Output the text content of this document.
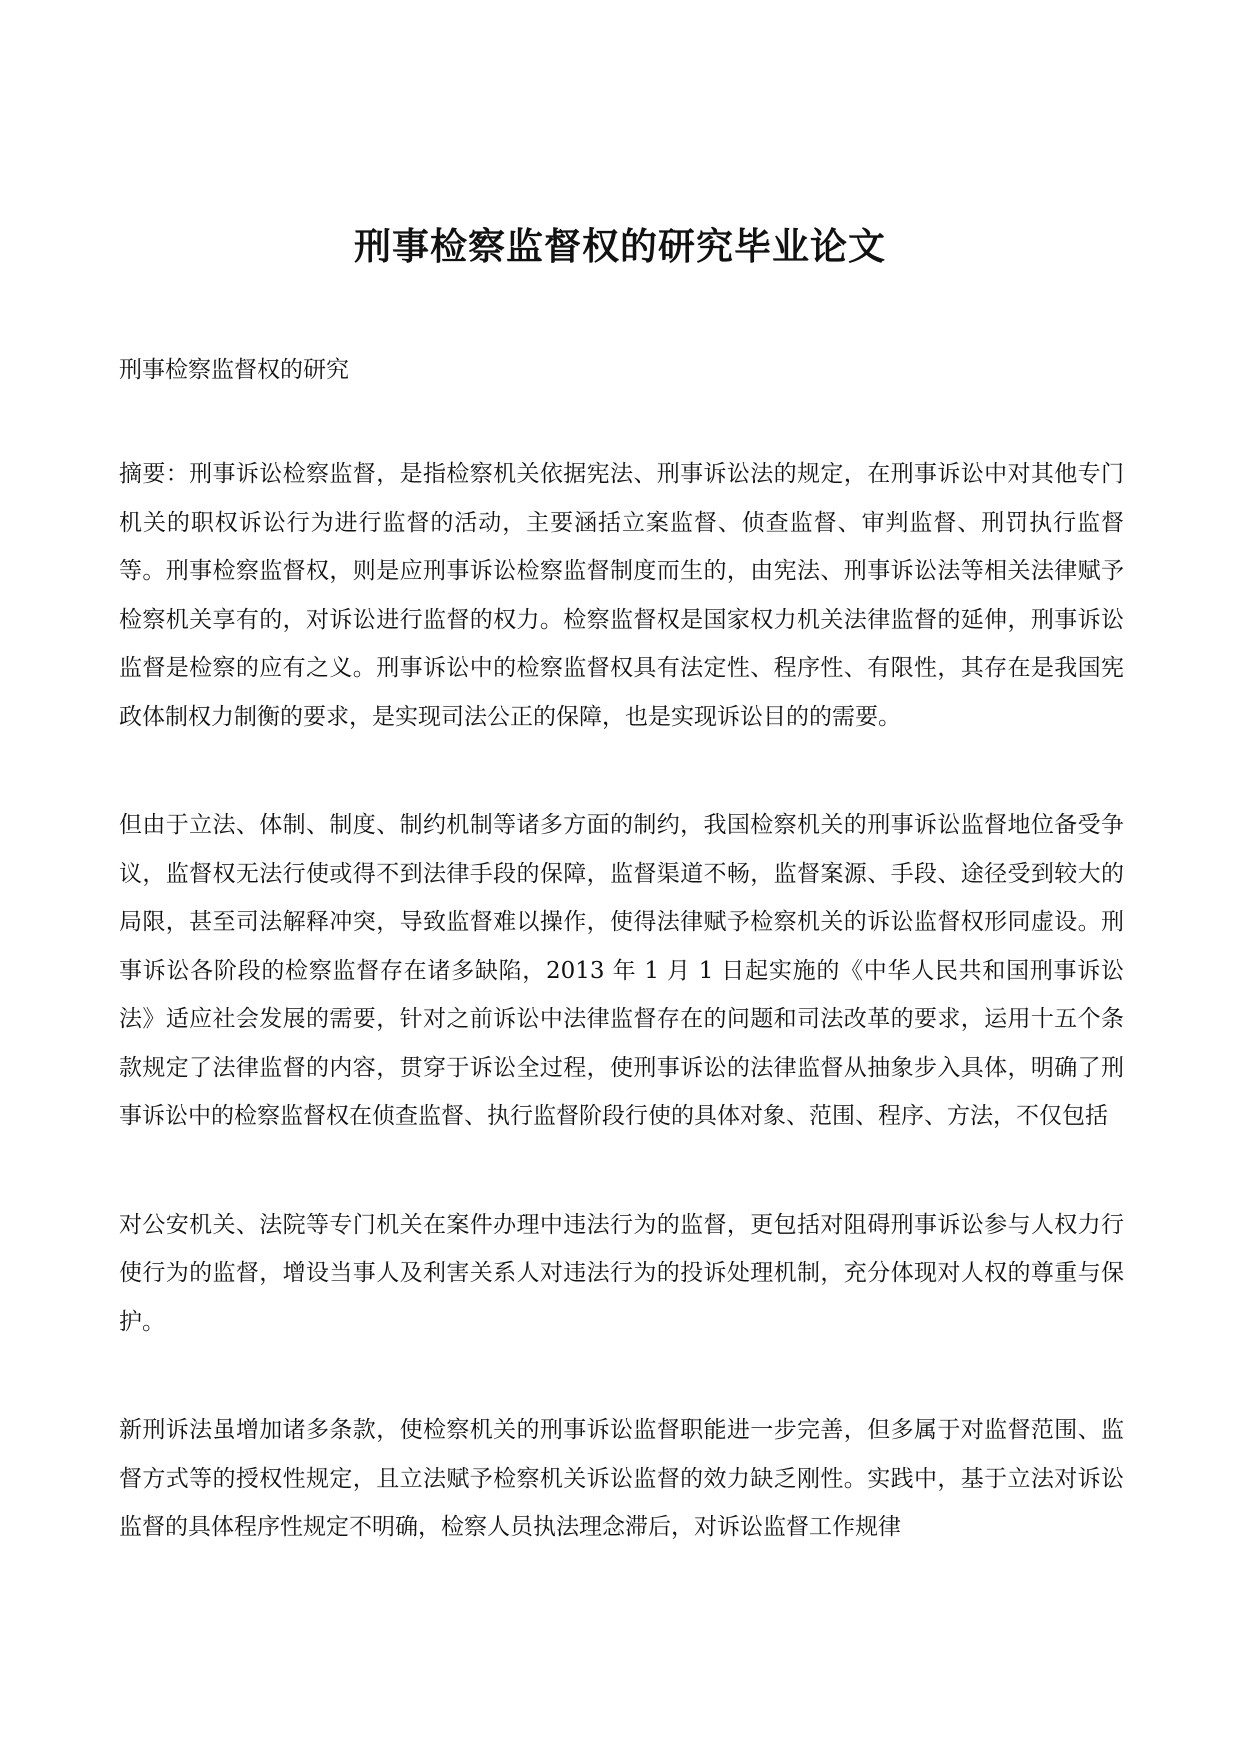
刑事检察监督权的研究毕业论文

刑事检察监督权的研究

摘要：刑事诉讼检察监督，是指检察机关依据宪法、刑事诉讼法的规定，在刑事诉讼中对其他专门机关的职权诉讼行为进行监督的活动，主要涵括立案监督、侦查监督、审判监督、刑罚执行监督等。刑事检察监督权，则是应刑事诉讼检察监督制度而生的，由宪法、刑事诉讼法等相关法律赋予检察机关享有的，对诉讼进行监督的权力。检察监督权是国家权力机关法律监督的延伸，刑事诉讼监督是检察的应有之义。刑事诉讼中的检察监督权具有法定性、程序性、有限性，其存在是我国宪政体制权力制衡的要求，是实现司法公正的保障，也是实现诉讼目的的需要。

但由于立法、体制、制度、制约机制等诸多方面的制约，我国检察机关的刑事诉讼监督地位备受争议，监督权无法行使或得不到法律手段的保障，监督渠道不畅，监督案源、手段、途径受到较大的局限，甚至司法解释冲突，导致监督难以操作，使得法律赋予检察机关的诉讼监督权形同虚设。刑事诉讼各阶段的检察监督存在诸多缺陷，2013 年 1 月 1 日起实施的《中华人民共和国刑事诉讼法》适应社会发展的需要，针对之前诉讼中法律监督存在的问题和司法改革的要求，运用十五个条款规定了法律监督的内容，贯穿于诉讼全过程，使刑事诉讼的法律监督从抽象步入具体，明确了刑事诉讼中的检察监督权在侦查监督、执行监督阶段行使的具体对象、范围、程序、方法，不仅包括

对公安机关、法院等专门机关在案件办理中违法行为的监督，更包括对阻碍刑事诉讼参与人权力行使行为的监督，增设当事人及利害关系人对违法行为的投诉处理机制，充分体现对人权的尊重与保护。

新刑诉法虽增加诸多条款，使检察机关的刑事诉讼监督职能进一步完善，但多属于对监督范围、监督方式等的授权性规定，且立法赋予检察机关诉讼监督的效力缺乏刚性。实践中，基于立法对诉讼监督的具体程序性规定不明确，检察人员执法理念滞后，对诉讼监督工作规律
